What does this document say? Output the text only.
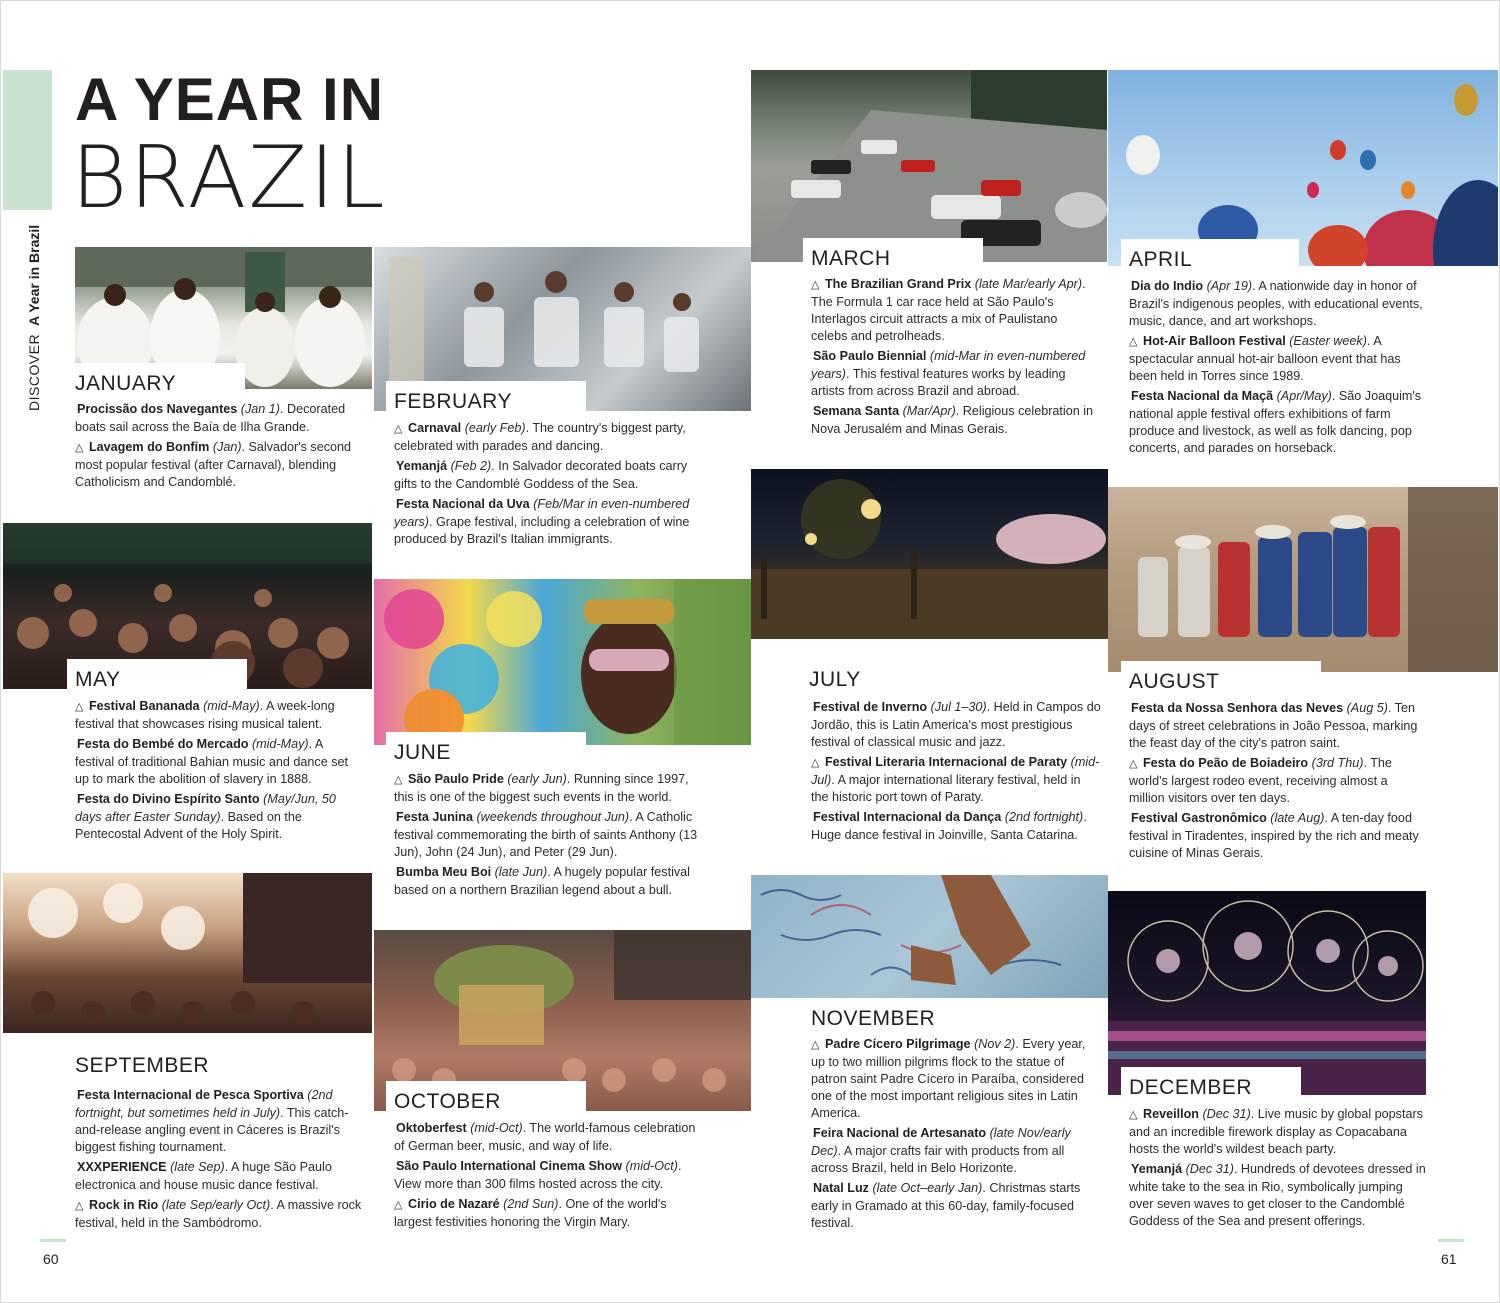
A YEAR IN
BRAZIL
DISCOVER A Year in Brazil
JANUARY
Procissão dos Navegantes (Jan 1). Decorated boats sail across the Baía de Ilha Grande.
△ Lavagem do Bonfim (Jan). Salvador's second most popular festival (after Carnaval), blending Catholicism and Candomblé.
FEBRUARY
△ Carnaval (early Feb). The country's biggest party, celebrated with parades and dancing.
Yemanjá (Feb 2). In Salvador decorated boats carry gifts to the Candomblé Goddess of the Sea.
Festa Nacional da Uva (Feb/Mar in even-numbered years). Grape festival, including a celebration of wine produced by Brazil's Italian immigrants.
MARCH
△ The Brazilian Grand Prix (late Mar/early Apr). The Formula 1 car race held at São Paulo's Interlagos circuit attracts a mix of Paulistano celebs and petrolheads.
São Paulo Biennial (mid-Mar in even-numbered years). This festival features works by leading artists from across Brazil and abroad.
Semana Santa (Mar/Apr). Religious celebration in Nova Jerusalém and Minas Gerais.
APRIL
Dia do Indio (Apr 19). A nationwide day in honor of Brazil's indigenous peoples, with educational events, music, dance, and art workshops.
△ Hot-Air Balloon Festival (Easter week). A spectacular annual hot-air balloon event that has been held in Torres since 1989.
Festa Nacional da Maçã (Apr/May). São Joaquim's national apple festival offers exhibitions of farm produce and livestock, as well as folk dancing, pop concerts, and parades on horseback.
MAY
△ Festival Bananada (mid-May). A week-long festival that showcases rising musical talent.
Festa do Bembé do Mercado (mid-May). A festival of traditional Bahian music and dance set up to mark the abolition of slavery in 1888.
Festa do Divino Espírito Santo (May/Jun, 50 days after Easter Sunday). Based on the Pentecostal Advent of the Holy Spirit.
JUNE
△ São Paulo Pride (early Jun). Running since 1997, this is one of the biggest such events in the world.
Festa Junina (weekends throughout Jun). A Catholic festival commemorating the birth of saints Anthony (13 Jun), John (24 Jun), and Peter (29 Jun).
Bumba Meu Boi (late Jun). A hugely popular festival based on a northern Brazilian legend about a bull.
JULY
Festival de Inverno (Jul 1–30). Held in Campos do Jordão, this is Latin America's most prestigious festival of classical music and jazz.
△ Festival Literaria Internacional de Paraty (mid-Jul). A major international literary festival, held in the historic port town of Paraty.
Festival Internacional da Dança (2nd fortnight). Huge dance festival in Joinville, Santa Catarina.
AUGUST
Festa da Nossa Senhora das Neves (Aug 5). Ten days of street celebrations in João Pessoa, marking the feast day of the city's patron saint.
△ Festa do Peão de Boiadeiro (3rd Thu). The world's largest rodeo event, receiving almost a million visitors over ten days.
Festival Gastronômico (late Aug). A ten-day food festival in Tiradentes, inspired by the rich and meaty cuisine of Minas Gerais.
SEPTEMBER
Festa Internacional de Pesca Sportiva (2nd fortnight, but sometimes held in July). This catch-and-release angling event in Cáceres is Brazil's biggest fishing tournament.
XXXPERIENCE (late Sep). A huge São Paulo electronica and house music dance festival.
△ Rock in Rio (late Sep/early Oct). A massive rock festival, held in the Sambódromo.
OCTOBER
Oktoberfest (mid-Oct). The world-famous celebration of German beer, music, and way of life.
São Paulo International Cinema Show (mid-Oct). View more than 300 films hosted across the city.
△ Cirio de Nazaré (2nd Sun). One of the world's largest festivities honoring the Virgin Mary.
NOVEMBER
△ Padre Cícero Pilgrimage (Nov 2). Every year, up to two million pilgrims flock to the statue of patron saint Padre Cícero in Paraíba, considered one of the most important religious sites in Latin America.
Feira Nacional de Artesanato (late Nov/early Dec). A major crafts fair with products from all across Brazil, held in Belo Horizonte.
Natal Luz (late Oct–early Jan). Christmas starts early in Gramado at this 60-day, family-focused festival.
DECEMBER
△ Reveillon (Dec 31). Live music by global popstars and an incredible firework display as Copacabana hosts the world's wildest beach party.
Yemanjá (Dec 31). Hundreds of devotees dressed in white take to the sea in Rio, symbolically jumping over seven waves to get closer to the Candomblé Goddess of the Sea and present offerings.
60	61
